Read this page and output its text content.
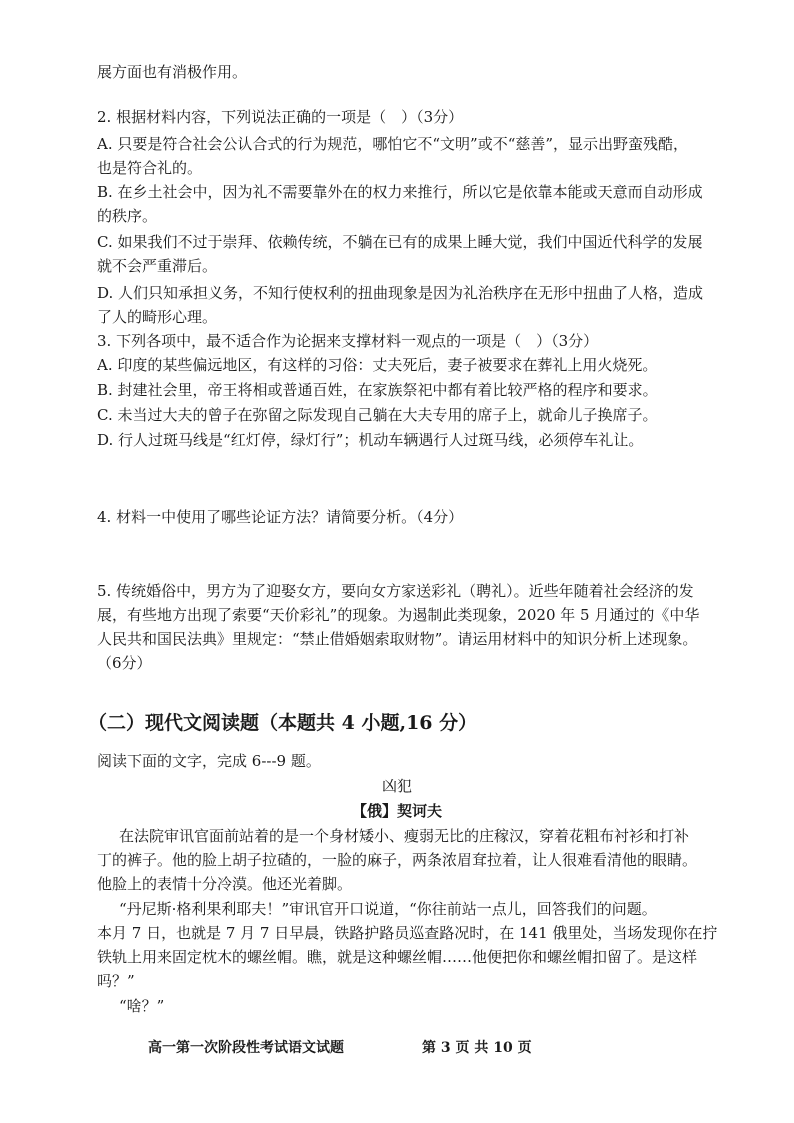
展方面也有消极作用。
2. 根据材料内容，下列说法正确的一项是（　）（3分）
A. 只要是符合社会公认合式的行为规范，哪怕它不“文明”或不“慈善”，显示出野蛮残酷，
也是符合礼的。
B. 在乡土社会中，因为礼不需要靠外在的权力来推行，所以它是依靠本能或天意而自动形成
的秩序。
C. 如果我们不过于崇拜、依赖传统，不躺在已有的成果上睡大觉，我们中国近代科学的发展
就不会严重滞后。
D. 人们只知承担义务，不知行使权利的扭曲现象是因为礼治秩序在无形中扭曲了人格，造成
了人的畸形心理。
3. 下列各项中，最不适合作为论据来支撑材料一观点的一项是（　）（3分）
A. 印度的某些偏远地区，有这样的习俗：丈夫死后，妻子被要求在葬礼上用火烧死。
B. 封建社会里，帝王将相或普通百姓，在家族祭祀中都有着比较严格的程序和要求。
C. 未当过大夫的曾子在弥留之际发现自己躺在大夫专用的席子上，就命儿子换席子。
D. 行人过斑马线是“红灯停，绿灯行”；机动车辆遇行人过斑马线，必须停车礼让。
4. 材料一中使用了哪些论证方法？请简要分析。（4分）
5. 传统婚俗中，男方为了迎娶女方，要向女方家送彩礼（聘礼）。近些年随着社会经济的发
展，有些地方出现了索要“天价彩礼”的现象。为遏制此类现象，2020 年 5 月通过的《中华
人民共和国民法典》里规定：“禁止借婚姻索取财物”。请运用材料中的知识分析上述现象。
（6分）
（二）现代文阅读题（本题共 4 小题,16 分）
阅读下面的文字，完成 6---9 题。
凶犯
【俄】契诃夫
在法院审讯官面前站着的是一个身材矮小、瘦弱无比的庄稼汉，穿着花粗布衬衫和打补
丁的裤子。他的脸上胡子拉碴的，一脸的麻子，两条浓眉耷拉着，让人很难看清他的眼睛。
他脸上的表情十分冷漠。他还光着脚。
“丹尼斯·格利果利耶夫！”审讯官开口说道，“你往前站一点儿，回答我们的问题。
本月 7 日，也就是 7 月 7 日早晨，铁路护路员巡查路况时，在 141 俄里处，当场发现你在拧
铁轨上用来固定枕木的螺丝帽。瞧，就是这种螺丝帽……他便把你和螺丝帽扣留了。是这样
吗？”
“啥？”
高一第一次阶段性考试语文试题	第 3 页 共 10 页
